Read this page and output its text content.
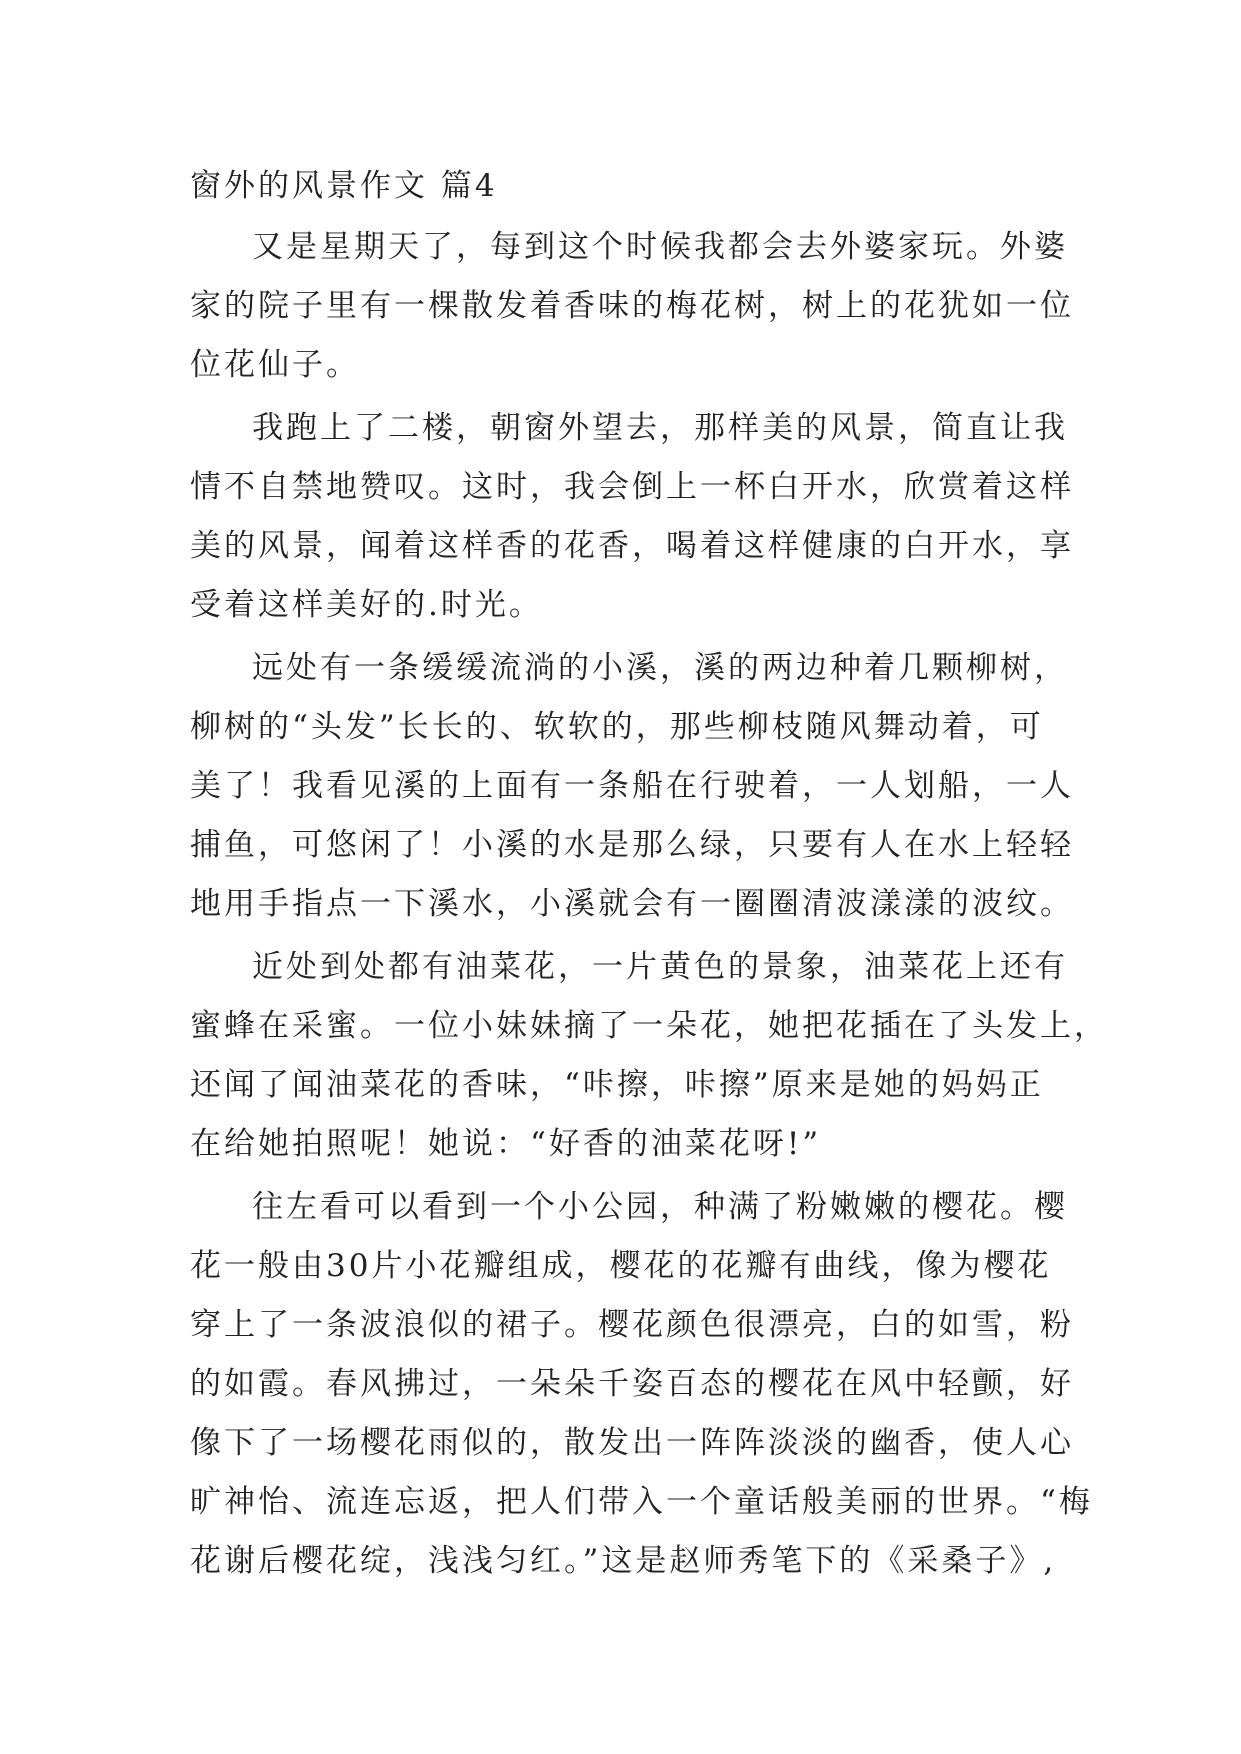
窗外的风景作文 篇4

又是星期天了，每到这个时候我都会去外婆家玩。外婆

家的院子里有一棵散发着香味的梅花树，树上的花犹如一位

位花仙子。

我跑上了二楼，朝窗外望去，那样美的风景，简直让我

情不自禁地赞叹。这时，我会倒上一杯白开水，欣赏着这样

美的风景，闻着这样香的花香，喝着这样健康的白开水，享

受着这样美好的.时光。

远处有一条缓缓流淌的小溪，溪的两边种着几颗柳树，

柳树的“头发”长长的、软软的，那些柳枝随风舞动着，可

美了！我看见溪的上面有一条船在行驶着，一人划船，一人

捕鱼，可悠闲了！小溪的水是那么绿，只要有人在水上轻轻

地用手指点一下溪水，小溪就会有一圈圈清波漾漾的波纹。

近处到处都有油菜花，一片黄色的景象，油菜花上还有

蜜蜂在采蜜。一位小妹妹摘了一朵花，她把花插在了头发上，

还闻了闻油菜花的香味，“咔擦，咔擦”原来是她的妈妈正

在给她拍照呢！她说：“好香的油菜花呀!”

往左看可以看到一个小公园，种满了粉嫩嫩的樱花。樱

花一般由30片小花瓣组成，樱花的花瓣有曲线，像为樱花

穿上了一条波浪似的裙子。樱花颜色很漂亮，白的如雪，粉

的如霞。春风拂过，一朵朵千姿百态的樱花在风中轻颤，好

像下了一场樱花雨似的，散发出一阵阵淡淡的幽香，使人心

旷神怡、流连忘返，把人们带入一个童话般美丽的世界。“梅

花谢后樱花绽，浅浅匀红。”这是赵师秀笔下的《采桑子》,
